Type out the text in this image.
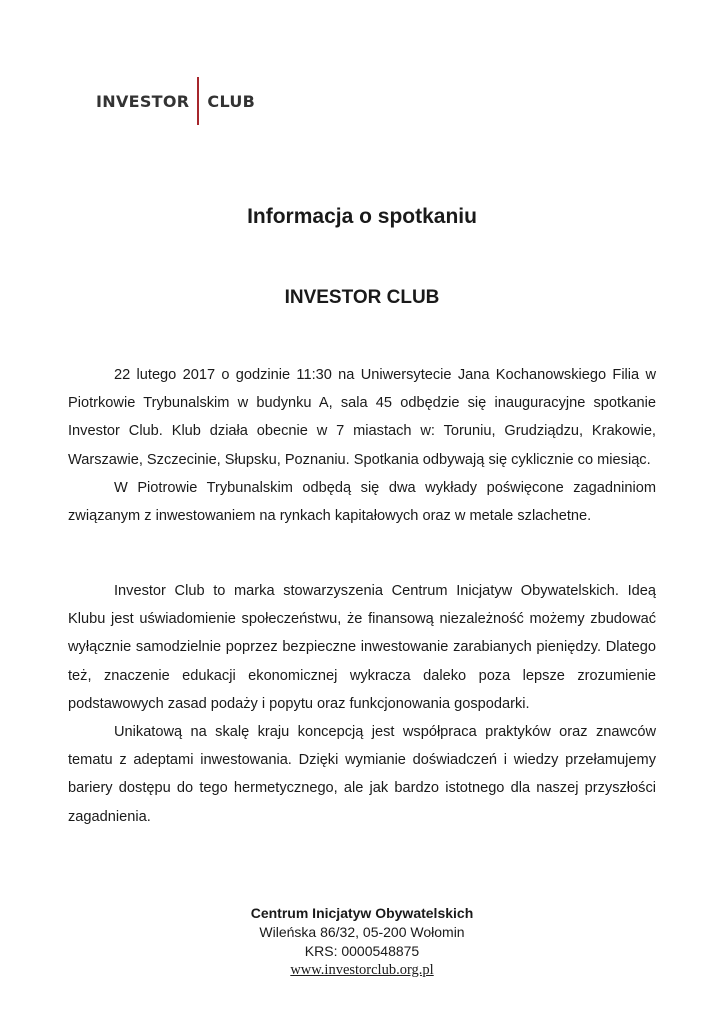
INVESTOR CLUB
Informacja o spotkaniu
INVESTOR CLUB

22 lutego 2017 o godzinie 11:30 na Uniwersytecie Jana Kochanowskiego Filia w Piotrkowie Trybunalskim w budynku A, sala 45 odbędzie się inauguracyjne spotkanie Investor Club. Klub działa obecnie w 7 miastach w: Toruniu, Grudziądzu, Krakowie, Warszawie, Szczecinie, Słupsku, Poznaniu. Spotkania odbywają się cyklicznie co miesiąc.

W Piotrowie Trybunalskim odbędą się dwa wykłady poświęcone zagadniniom związanym z inwestowaniem na rynkach kapitałowych oraz w metale szlachetne.

Investor Club to marka stowarzyszenia Centrum Inicjatyw Obywatelskich. Ideą Klubu jest uświadomienie społeczeństwu, że finansową niezależność możemy zbudować wyłącznie samodzielnie poprzez bezpieczne inwestowanie zarabianych pieniędzy. Dlatego też, znaczenie edukacji ekonomicznej wykracza daleko poza lepsze zrozumienie podstawowych zasad podaży i popytu oraz funkcjonowania gospodarki.

Unikatową na skalę kraju koncepcją jest współpraca praktyków oraz znawców tematu z adeptami inwestowania. Dzięki wymianie doświadczeń i wiedzy przełamujemy bariery dostępu do tego hermetycznego, ale jak bardzo istotnego dla naszej przyszłości zagadnienia.

Centrum Inicjatyw Obywatelskich
Wileńska 86/32, 05-200 Wołomin
KRS: 0000548875
www.investorclub.org.pl
